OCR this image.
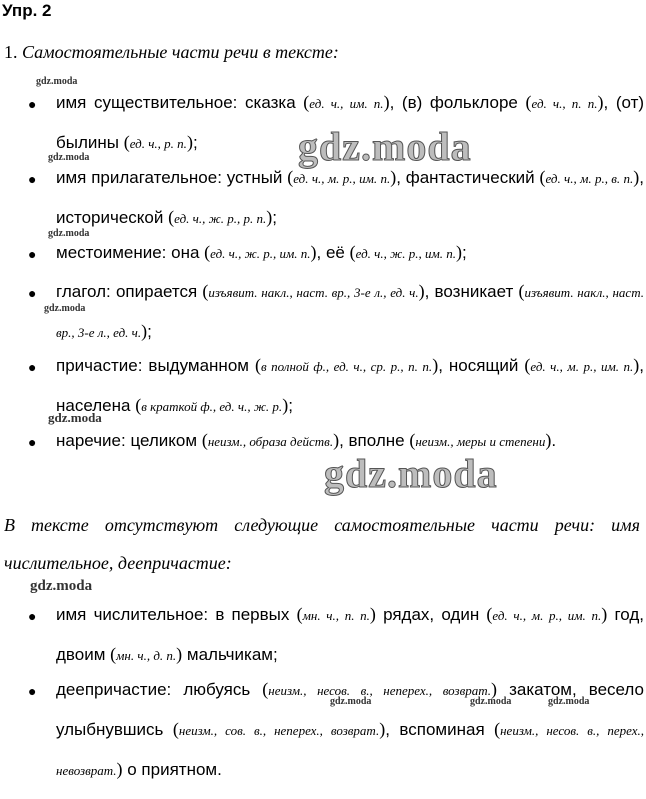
Упр. 2
1. Самостоятельные части речи в тексте:
● имя существительное: сказка (ед. ч., им. п.), (в) фольклоре (ед. ч., п. п.), (от) былины (ед. ч., р. п.);
● имя прилагательное: устный (ед. ч., м. р., им. п.), фантастический (ед. ч., м. р., в. п.), исторической (ед. ч., ж. р., р. п.);
● местоимение: она (ед. ч., ж. р., им. п.), её (ед. ч., ж. р., им. п.);
● глагол: опирается (изъявит. накл., наст. вр., 3-е л., ед. ч.), возникает (изъявит. накл., наст. вр., 3-е л., ед. ч.);
● причастие: выдуманном (в полной ф., ед. ч., ср. р., п. п.), носящий (ед. ч., м. р., им. п.), населена (в краткой ф., ед. ч., ж. р.);
● наречие: целиком (неизм., образа действ.), вполне (неизм., меры и степени).
В тексте отсутствуют следующие самостоятельные части речи: имя числительное, деепричастие:
● имя числительное: в первых (мн. ч., п. п.) рядах, один (ед. ч., м. р., им. п.) год, двоим (мн. ч., д. п.) мальчикам;
● деепричастие: любуясь (неизм., несов. в., неперех., возврат.) закатом, весело улыбнувшись (неизм., сов. в., неперех., возврат.), вспоминая (неизм., несов. в., перех., невозврат.) о приятном.
gdz.moda
gdz.moda
gdz.moda
gdz.moda
gdz.moda
gdz.moda
gdz.moda	gdz.moda	gdz.moda
gdz.moda
gdz.moda
